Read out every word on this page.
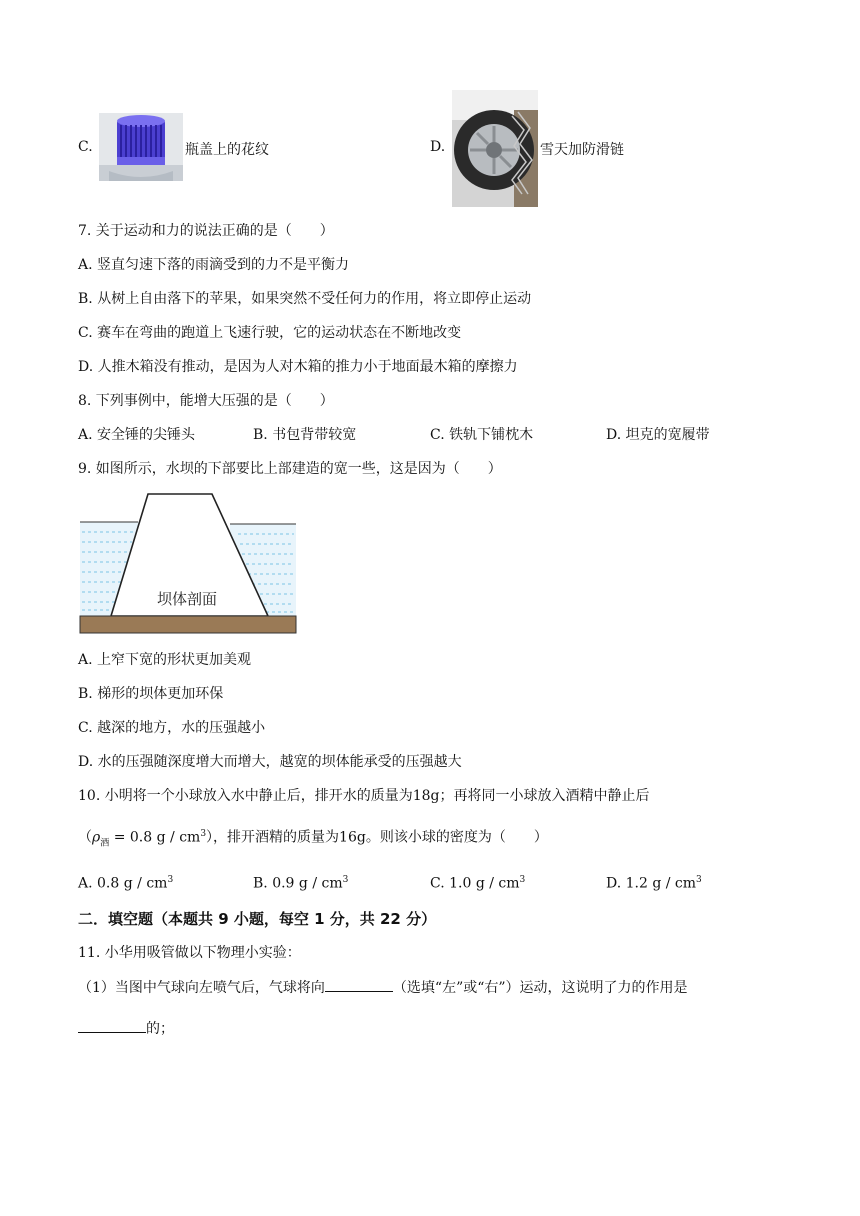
C.	瓶盖上的花纹	D.	雪天加防滑链
7. 关于运动和力的说法正确的是（　　）
A. 竖直匀速下落的雨滴受到的力不是平衡力
B. 从树上自由落下的苹果，如果突然不受任何力的作用，将立即停止运动
C. 赛车在弯曲的跑道上飞速行驶，它的运动状态在不断地改变
D. 人推木箱没有推动，是因为人对木箱的推力小于地面最木箱的摩擦力
8. 下列事例中，能增大压强的是（　　）
A. 安全锤的尖锤头	B. 书包背带较宽	C. 铁轨下铺枕木	D. 坦克的宽履带
9. 如图所示，水坝的下部要比上部建造的宽一些，这是因为（　　）
坝体剖面
A. 上窄下宽的形状更加美观
B. 梯形的坝体更加环保
C. 越深的地方，水的压强越小
D. 水的压强随深度增大而增大，越宽的坝体能承受的压强越大
10. 小明将一个小球放入水中静止后，排开水的质量为18g；再将同一小球放入酒精中静止后
（$\rho_酒 = 0.8$ g / $cm^3$），排开酒精的质量为16g。则该小球的密度为（　　）
A. 0.8 g / $cm^3$	B. 0.9 g / $cm^3$	C. 1.0 g / $cm^3$	D. 1.2 g / $cm^3$
二．填空题（本题共 9 小题，每空 1 分，共 22 分）
11. 小华用吸管做以下物理小实验：
（1）当图中气球向左喷气后，气球将向	（选填“左”或“右”）运动，这说明了力的作用是
的；
